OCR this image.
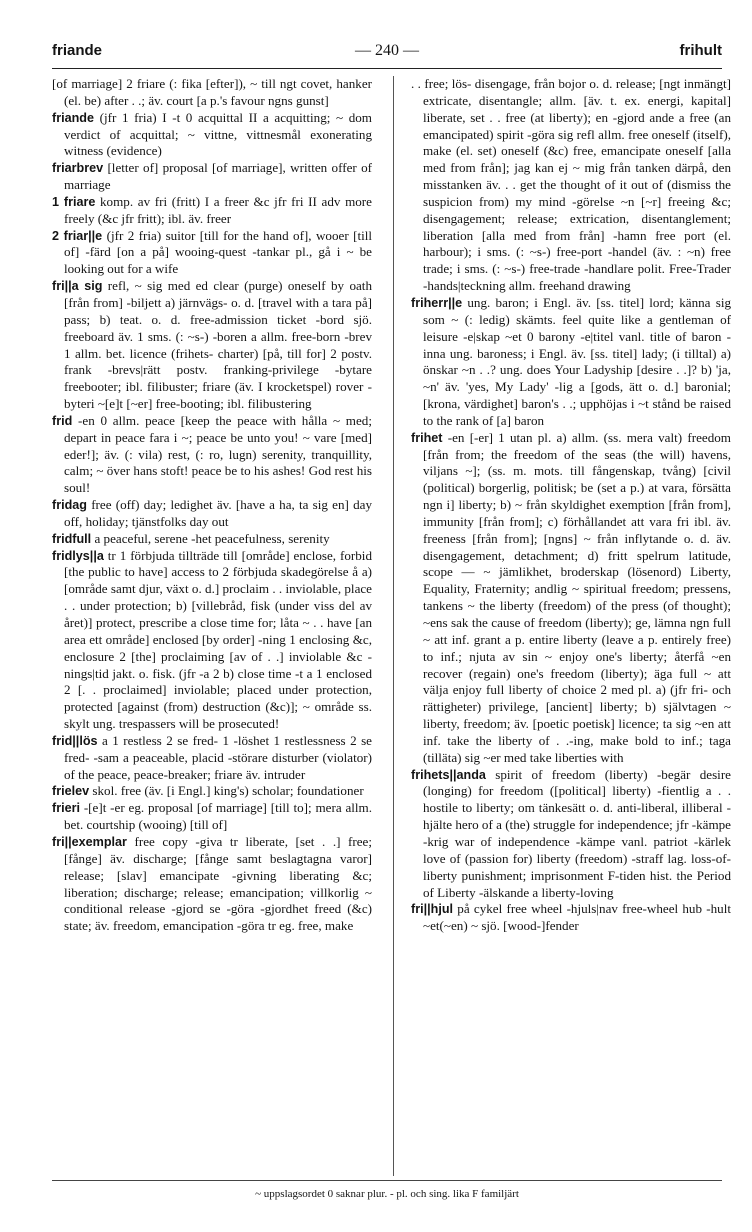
friande	— 240 —	frihult

[of marriage] 2 friare (: fika [efter]), ~ till ngt covet, hanker (el. be) after . .; äv. court [a p.'s favour ngns gunst]

friande (jfr 1 fria) I -t 0 acquittal II a acquitting; ~ dom verdict of acquittal; ~ vittne, vittnesmål exonerating witness (evidence)

friarbrev [letter of] proposal [of marriage], written offer of marriage

1 friare komp. av fri (fritt) I a freer &c jfr fri II adv more freely (&c jfr fritt); ibl. äv. freer

2 friar||e (jfr 2 fria) suitor [till for the hand of], wooer [till of] -färd [on a på] wooing-quest -tankar pl., gå i ~ be looking out for a wife

fri||a sig refl, ~ sig med ed clear (purge) oneself by oath [från from] -biljett a) järnvägs- o. d. [travel with a tara på] pass; b) teat. o. d. free-admission ticket -bord sjö. freeboard äv. 1 sms. (: ~s-) -boren a allm. free-born -brev 1 allm. bet. licence (frihets- charter) [på, till for] 2 postv. frank -brevs|rätt postv. franking-privilege -bytare freebooter; ibl. filibuster; friare (äv. I krocketspel) rover -byteri ~[e]t [~er] free-booting; ibl. filibustering

frid -en 0 allm. peace [keep the peace with hålla ~ med; depart in peace fara i ~; peace be unto you! ~ vare [med] eder!]; äv. (: vila) rest, (: ro, lugn) serenity, tranquillity, calm; ~ över hans stoft! peace be to his ashes! God rest his soul!

fridag free (off) day; ledighet äv. [have a ha, ta sig en] day off, holiday; tjänstfolks day out

fridfull a peaceful, serene -het peacefulness, serenity

fridlys||a tr 1 förbjuda tillträde till [område] enclose, forbid [the public to have] access to 2 förbjuda skadegörelse å a) [område samt djur, växt o. d.] proclaim . . inviolable, place . . under protection; b) [villebråd, fisk (under viss del av året)] protect, prescribe a close time for; låta ~ . . have [an area ett område] enclosed [by order] -ning 1 enclosing &c, enclosure 2 [the] proclaiming [av of . .] inviolable &c -nings|tid jakt. o. fisk. (jfr -a 2 b) close time -t a 1 enclosed 2 [. . proclaimed] inviolable; placed under protection, protected [against (from) destruction (&c)]; ~ område ss. skylt ung. trespassers will be prosecuted!

frid||lös a 1 restless 2 se fred- 1 -löshet 1 restlessness 2 se fred- -sam a peaceable, placid -störare disturber (violator) of the peace, peace-breaker; friare äv. intruder

frielev skol. free (äv. [i Engl.] king's) scholar; foundationer

frieri -[e]t -er eg. proposal [of marriage] [till to]; mera allm. bet. courtship (wooing) [till of]

fri||exemplar free copy -giva tr liberate, [set . .] free; [fånge] äv. discharge; [fånge samt beslagtagna varor] release; [slav] emancipate -givning liberating &c; liberation; discharge; release; emancipation; villkorlig ~ conditional release -gjord se -göra -gjordhet freed (&c) state; äv. freedom, emancipation -göra tr eg. free, make

. . free; lös- disengage, från bojor o. d. release; [ngt inmängt] extricate, disentangle; allm. [äv. t. ex. energi, kapital] liberate, set . . free (at liberty); en -gjord ande a free (an emancipated) spirit -göra sig refl allm. free oneself (itself), make (el. set) oneself (&c) free, emancipate oneself [alla med from från]; jag kan ej ~ mig från tanken därpå, den misstanken äv. . . get the thought of it out of (dismiss the suspicion from) my mind -görelse ~n [~r] freeing &c; disengagement; release; extrication, disentanglement; liberation [alla med from från] -hamn free port (el. harbour); i sms. (: ~s-) free-port -handel (äv. : ~n) free trade; i sms. (: ~s-) free-trade -handlare polit. Free-Trader -hands|teckning allm. freehand drawing

friherr||e ung. baron; i Engl. äv. [ss. titel] lord; känna sig som ~ (: ledig) skämts. feel quite like a gentleman of leisure -e|skap ~et 0 barony -e|titel vanl. title of baron -inna ung. baroness; i Engl. äv. [ss. titel] lady; (i tilltal) a) önskar ~n . .? ung. does Your Ladyship [desire . .]? b) 'ja, ~n' äv. 'yes, My Lady' -lig a [gods, ätt o. d.] baronial; [krona, värdighet] baron's . .; upphöjas i ~t stånd be raised to the rank of [a] baron

frihet -en [-er] 1 utan pl. a) allm. (ss. mera valt) freedom [från from; the freedom of the seas (the will) havens, viljans ~]; (ss. m. mots. till fångenskap, tvång) [civil (political) borgerlig, politisk; be (set a p.) at vara, försätta ngn i] liberty; b) ~ från skyldighet exemption [från from], immunity [från from]; c) förhållandet att vara fri ibl. äv. freeness [från from]; [ngns] ~ från inflytande o. d. äv. disengagement, detachment; d) fritt spelrum latitude, scope — ~ jämlikhet, broderskap (lösenord) Liberty, Equality, Fraternity; andlig ~ spiritual freedom; pressens, tankens ~ the liberty (freedom) of the press (of thought); ~ens sak the cause of freedom (liberty); ge, lämna ngn full ~ att inf. grant a p. entire liberty (leave a p. entirely free) to inf.; njuta av sin ~ enjoy one's liberty; återfå ~en recover (regain) one's freedom (liberty); äga full ~ att välja enjoy full liberty of choice 2 med pl. a) (jfr fri- och rättigheter) privilege, [ancient] liberty; b) självtagen ~ liberty, freedom; äv. [poetic poetisk] licence; ta sig ~en att inf. take the liberty of . .-ing, make bold to inf.; taga (tilläta) sig ~er med take liberties with

frihets||anda spirit of freedom (liberty) -begär desire (longing) for freedom ([political] liberty) -fientlig a . . hostile to liberty; om tänkesätt o. d. anti-liberal, illiberal -hjälte hero of a (the) struggle for independence; jfr -kämpe -krig war of independence -kämpe vanl. patriot -kärlek love of (passion for) liberty (freedom) -straff lag. loss-of-liberty punishment; imprisonment F-tiden hist. the Period of Liberty -älskande a liberty-loving

fri||hjul på cykel free wheel -hjuls|nav free-wheel hub -hult ~et(~en) ~ sjö. [wood-]fender

~ uppslagsordet 0 saknar plur. - pl. och sing. lika F familjärt
